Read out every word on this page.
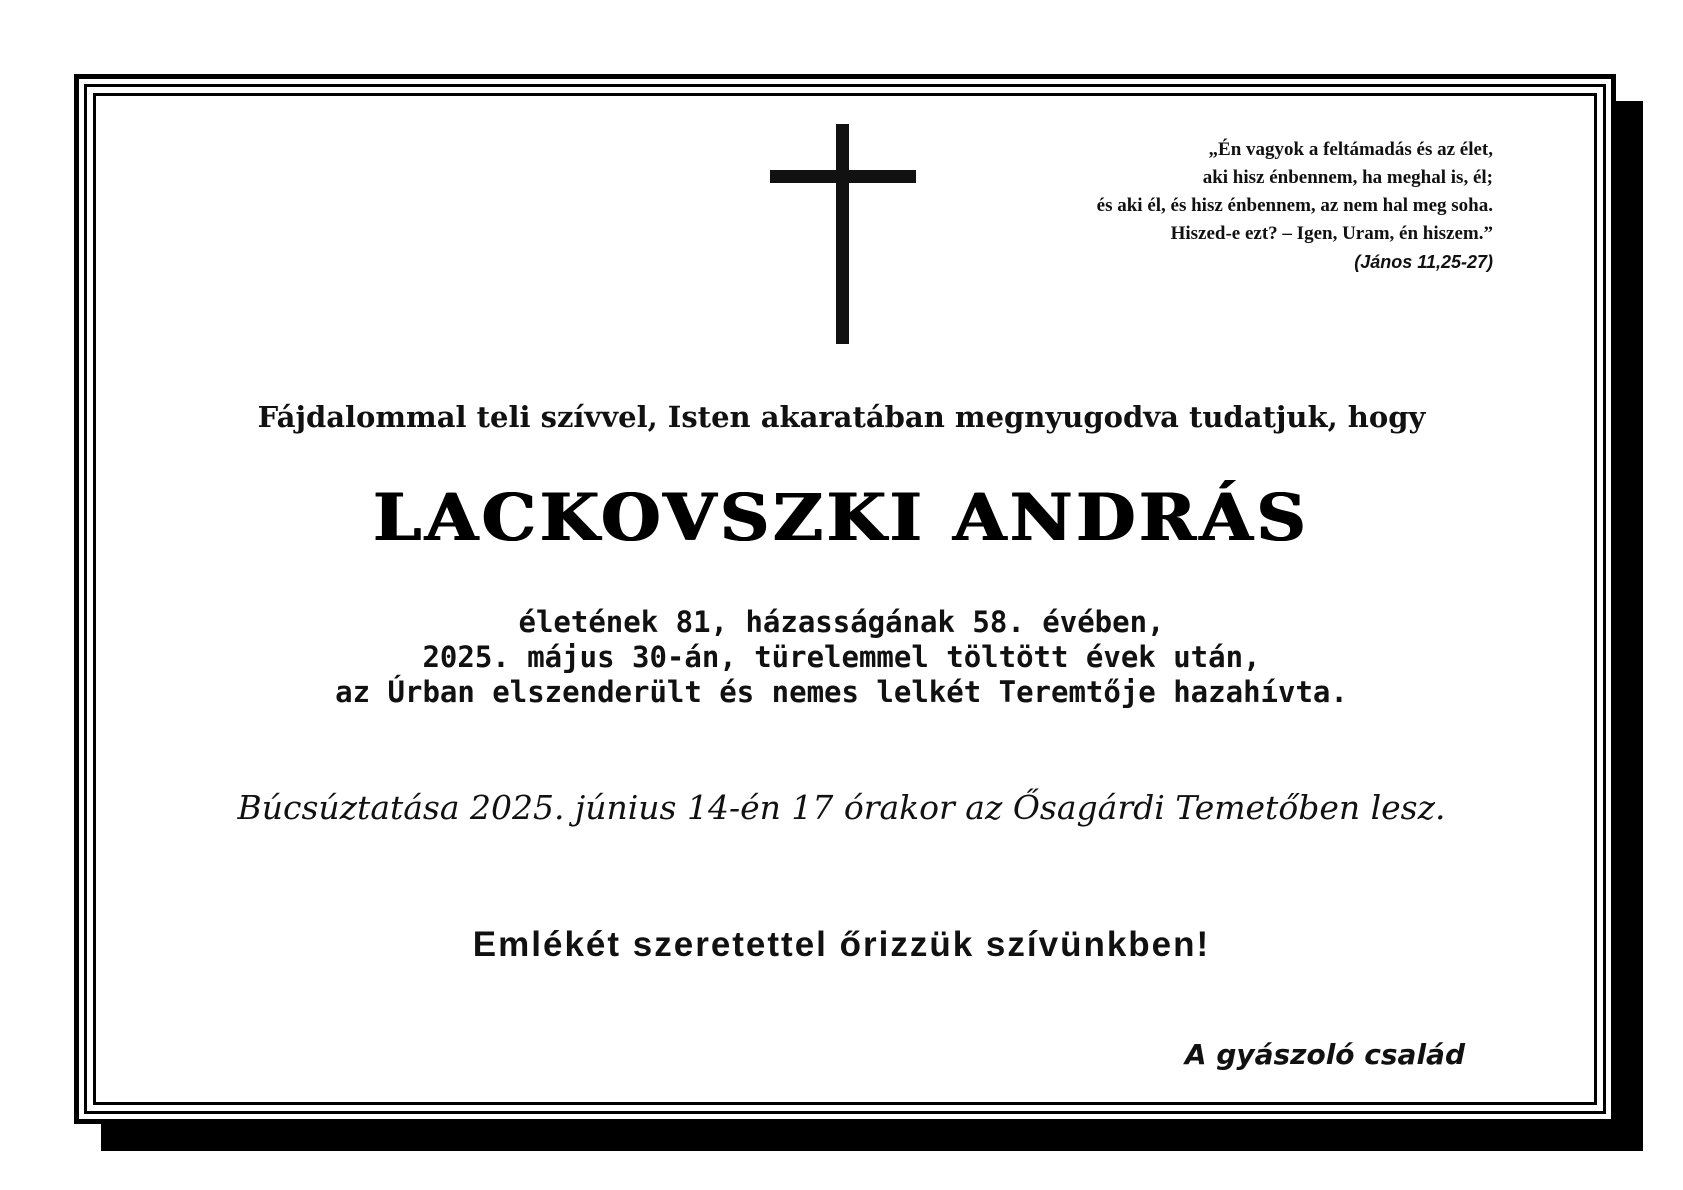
„Én vagyok a feltámadás és az élet,
aki hisz énbennem, ha meghal is, él;
és aki él, és hisz énbennem, az nem hal meg soha.
Hiszed-e ezt? – Igen, Uram, én hiszem.”
(János 11,25-27)
Fájdalommal teli szívvel, Isten akaratában megnyugodva tudatjuk, hogy
LACKOVSZKI ANDRÁS
életének 81, házasságának 58. évében,
2025. május 30-án, türelemmel töltött évek után,
az Úrban elszenderült és nemes lelkét Teremtője hazahívta.
Búcsúztatása 2025. június 14-én 17 órakor az Ősagárdi Temetőben lesz.
Emlékét szeretettel őrizzük szívünkben!
A gyászoló család
